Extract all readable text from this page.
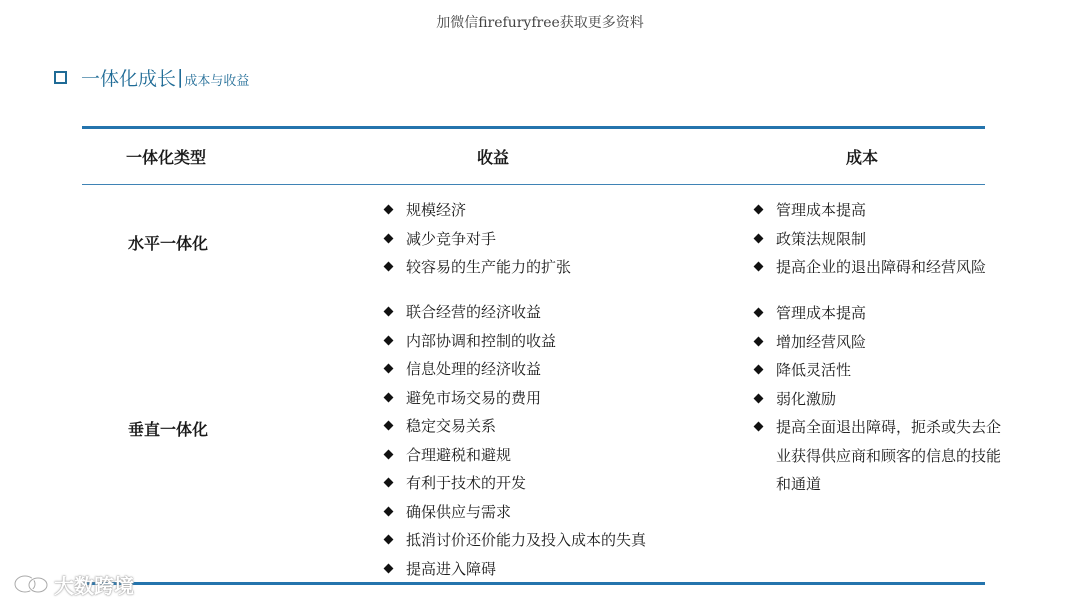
加微信firefuryfree获取更多资料
一体化成长 | 成本与收益
一体化类型	收益	成本
水平一体化
规模经济
减少竞争对手
较容易的生产能力的扩张
管理成本提高
政策法规限制
提高企业的退出障碍和经营风险
垂直一体化
联合经营的经济收益
内部协调和控制的收益
信息处理的经济收益
避免市场交易的费用
稳定交易关系
合理避税和避规
有利于技术的开发
确保供应与需求
抵消讨价还价能力及投入成本的失真
提高进入障碍
管理成本提高
增加经营风险
降低灵活性
弱化激励
提高全面退出障碍，扼杀或失去企业获得供应商和顾客的信息的技能和通道
大数跨境
